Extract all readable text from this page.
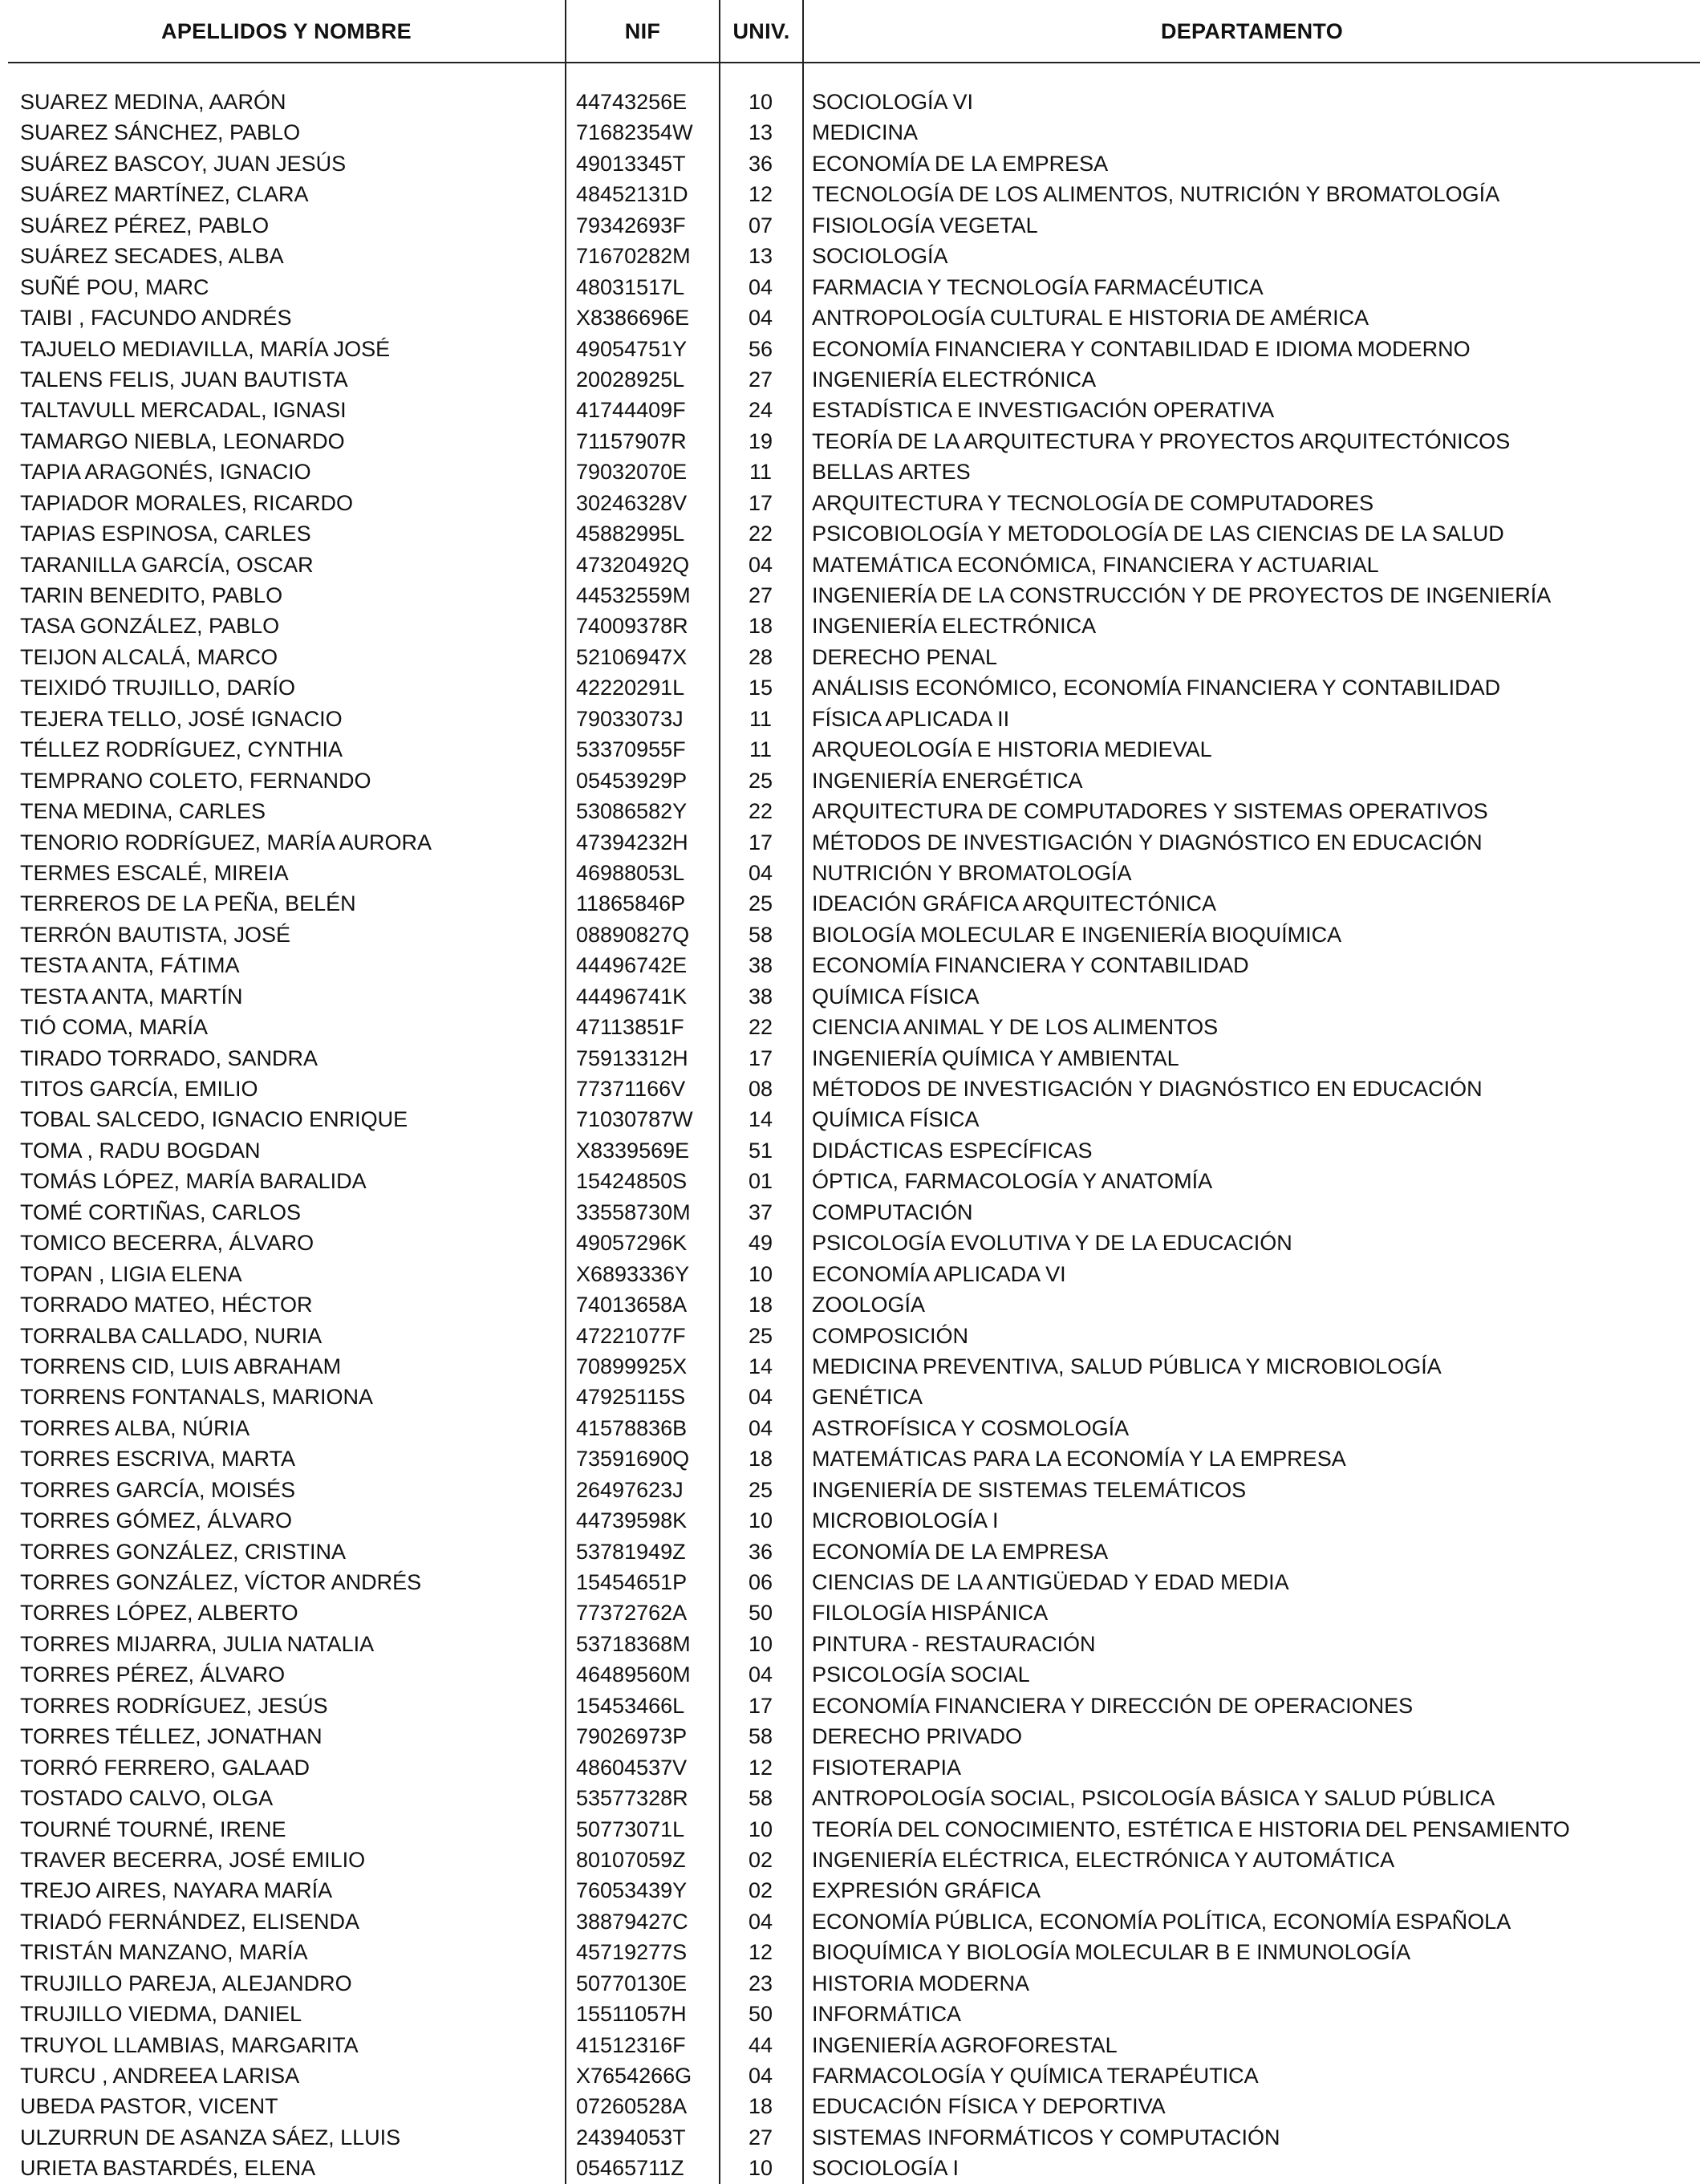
APELLIDOS Y NOMBRE	NIF	UNIV.	DEPARTAMENTO
SUAREZ MEDINA, AARÓN	44743256E	10	SOCIOLOGÍA VI
SUAREZ SÁNCHEZ, PABLO	71682354W	13	MEDICINA
SUÁREZ BASCOY, JUAN JESÚS	49013345T	36	ECONOMÍA DE LA EMPRESA
SUÁREZ MARTÍNEZ, CLARA	48452131D	12	TECNOLOGÍA DE LOS ALIMENTOS, NUTRICIÓN Y BROMATOLOGÍA
SUÁREZ PÉREZ, PABLO	79342693F	07	FISIOLOGÍA VEGETAL
SUÁREZ SECADES, ALBA	71670282M	13	SOCIOLOGÍA
SUÑÉ POU, MARC	48031517L	04	FARMACIA Y TECNOLOGÍA FARMACÉUTICA
TAIBI , FACUNDO ANDRÉS	X8386696E	04	ANTROPOLOGÍA CULTURAL E HISTORIA DE AMÉRICA
TAJUELO MEDIAVILLA, MARÍA JOSÉ	49054751Y	56	ECONOMÍA FINANCIERA Y CONTABILIDAD E IDIOMA MODERNO
TALENS FELIS, JUAN BAUTISTA	20028925L	27	INGENIERÍA ELECTRÓNICA
TALTAVULL MERCADAL, IGNASI	41744409F	24	ESTADÍSTICA E INVESTIGACIÓN OPERATIVA
TAMARGO NIEBLA, LEONARDO	71157907R	19	TEORÍA DE LA ARQUITECTURA Y PROYECTOS ARQUITECTÓNICOS
TAPIA ARAGONÉS, IGNACIO	79032070E	11	BELLAS ARTES
TAPIADOR MORALES, RICARDO	30246328V	17	ARQUITECTURA Y TECNOLOGÍA DE COMPUTADORES
TAPIAS ESPINOSA, CARLES	45882995L	22	PSICOBIOLOGÍA Y METODOLOGÍA DE LAS CIENCIAS DE LA SALUD
TARANILLA GARCÍA, OSCAR	47320492Q	04	MATEMÁTICA ECONÓMICA, FINANCIERA Y ACTUARIAL
TARIN BENEDITO, PABLO	44532559M	27	INGENIERÍA DE LA CONSTRUCCIÓN Y DE PROYECTOS DE INGENIERÍA
TASA GONZÁLEZ, PABLO	74009378R	18	INGENIERÍA ELECTRÓNICA
TEIJON ALCALÁ, MARCO	52106947X	28	DERECHO PENAL
TEIXIDÓ TRUJILLO, DARÍO	42220291L	15	ANÁLISIS ECONÓMICO, ECONOMÍA FINANCIERA Y CONTABILIDAD
TEJERA TELLO, JOSÉ IGNACIO	79033073J	11	FÍSICA APLICADA II
TÉLLEZ RODRÍGUEZ, CYNTHIA	53370955F	11	ARQUEOLOGÍA E HISTORIA MEDIEVAL
TEMPRANO COLETO, FERNANDO	05453929P	25	INGENIERÍA ENERGÉTICA
TENA MEDINA, CARLES	53086582Y	22	ARQUITECTURA DE COMPUTADORES Y SISTEMAS OPERATIVOS
TENORIO RODRÍGUEZ, MARÍA AURORA	47394232H	17	MÉTODOS DE INVESTIGACIÓN Y DIAGNÓSTICO EN EDUCACIÓN
TERMES ESCALÉ, MIREIA	46988053L	04	NUTRICIÓN Y BROMATOLOGÍA
TERREROS DE LA PEÑA, BELÉN	11865846P	25	IDEACIÓN GRÁFICA ARQUITECTÓNICA
TERRÓN BAUTISTA, JOSÉ	08890827Q	58	BIOLOGÍA MOLECULAR E INGENIERÍA BIOQUÍMICA
TESTA ANTA, FÁTIMA	44496742E	38	ECONOMÍA FINANCIERA Y CONTABILIDAD
TESTA ANTA, MARTÍN	44496741K	38	QUÍMICA FÍSICA
TIÓ COMA, MARÍA	47113851F	22	CIENCIA ANIMAL Y DE LOS ALIMENTOS
TIRADO TORRADO, SANDRA	75913312H	17	INGENIERÍA QUÍMICA Y AMBIENTAL
TITOS GARCÍA, EMILIO	77371166V	08	MÉTODOS DE INVESTIGACIÓN Y DIAGNÓSTICO EN EDUCACIÓN
TOBAL SALCEDO, IGNACIO ENRIQUE	71030787W	14	QUÍMICA FÍSICA
TOMA , RADU BOGDAN	X8339569E	51	DIDÁCTICAS ESPECÍFICAS
TOMÁS LÓPEZ, MARÍA BARALIDA	15424850S	01	ÓPTICA, FARMACOLOGÍA Y ANATOMÍA
TOMÉ CORTIÑAS, CARLOS	33558730M	37	COMPUTACIÓN
TOMICO BECERRA, ÁLVARO	49057296K	49	PSICOLOGÍA EVOLUTIVA Y DE LA EDUCACIÓN
TOPAN , LIGIA ELENA	X6893336Y	10	ECONOMÍA APLICADA VI
TORRADO MATEO, HÉCTOR	74013658A	18	ZOOLOGÍA
TORRALBA CALLADO, NURIA	47221077F	25	COMPOSICIÓN
TORRENS CID, LUIS ABRAHAM	70899925X	14	MEDICINA PREVENTIVA, SALUD PÚBLICA Y MICROBIOLOGÍA
TORRENS FONTANALS, MARIONA	47925115S	04	GENÉTICA
TORRES ALBA, NÚRIA	41578836B	04	ASTROFÍSICA Y COSMOLOGÍA
TORRES ESCRIVA, MARTA	73591690Q	18	MATEMÁTICAS PARA LA ECONOMÍA Y LA EMPRESA
TORRES GARCÍA, MOISÉS	26497623J	25	INGENIERÍA DE SISTEMAS TELEMÁTICOS
TORRES GÓMEZ, ÁLVARO	44739598K	10	MICROBIOLOGÍA I
TORRES GONZÁLEZ, CRISTINA	53781949Z	36	ECONOMÍA DE LA EMPRESA
TORRES GONZÁLEZ, VÍCTOR ANDRÉS	15454651P	06	CIENCIAS DE LA ANTIGÜEDAD Y EDAD MEDIA
TORRES LÓPEZ, ALBERTO	77372762A	50	FILOLOGÍA HISPÁNICA
TORRES MIJARRA, JULIA NATALIA	53718368M	10	PINTURA - RESTAURACIÓN
TORRES PÉREZ, ÁLVARO	46489560M	04	PSICOLOGÍA SOCIAL
TORRES RODRÍGUEZ, JESÚS	15453466L	17	ECONOMÍA FINANCIERA Y DIRECCIÓN DE OPERACIONES
TORRES TÉLLEZ, JONATHAN	79026973P	58	DERECHO PRIVADO
TORRÓ FERRERO, GALAAD	48604537V	12	FISIOTERAPIA
TOSTADO CALVO, OLGA	53577328R	58	ANTROPOLOGÍA SOCIAL, PSICOLOGÍA BÁSICA Y SALUD PÚBLICA
TOURNÉ TOURNÉ, IRENE	50773071L	10	TEORÍA DEL CONOCIMIENTO, ESTÉTICA E HISTORIA DEL PENSAMIENTO
TRAVER BECERRA, JOSÉ EMILIO	80107059Z	02	INGENIERÍA ELÉCTRICA, ELECTRÓNICA Y AUTOMÁTICA
TREJO AIRES, NAYARA MARÍA	76053439Y	02	EXPRESIÓN GRÁFICA
TRIADÓ FERNÁNDEZ, ELISENDA	38879427C	04	ECONOMÍA PÚBLICA, ECONOMÍA POLÍTICA, ECONOMÍA ESPAÑOLA
TRISTÁN MANZANO, MARÍA	45719277S	12	BIOQUÍMICA Y BIOLOGÍA MOLECULAR B E INMUNOLOGÍA
TRUJILLO PAREJA, ALEJANDRO	50770130E	23	HISTORIA MODERNA
TRUJILLO VIEDMA, DANIEL	15511057H	50	INFORMÁTICA
TRUYOL LLAMBIAS, MARGARITA	41512316F	44	INGENIERÍA AGROFORESTAL
TURCU , ANDREEA LARISA	X7654266G	04	FARMACOLOGÍA Y QUÍMICA TERAPÉUTICA
UBEDA PASTOR, VICENT	07260528A	18	EDUCACIÓN FÍSICA Y DEPORTIVA
ULZURRUN DE ASANZA SÁEZ, LLUIS	24394053T	27	SISTEMAS INFORMÁTICOS Y COMPUTACIÓN
URIETA BASTARDÉS, ELENA	05465711Z	10	SOCIOLOGÍA I
